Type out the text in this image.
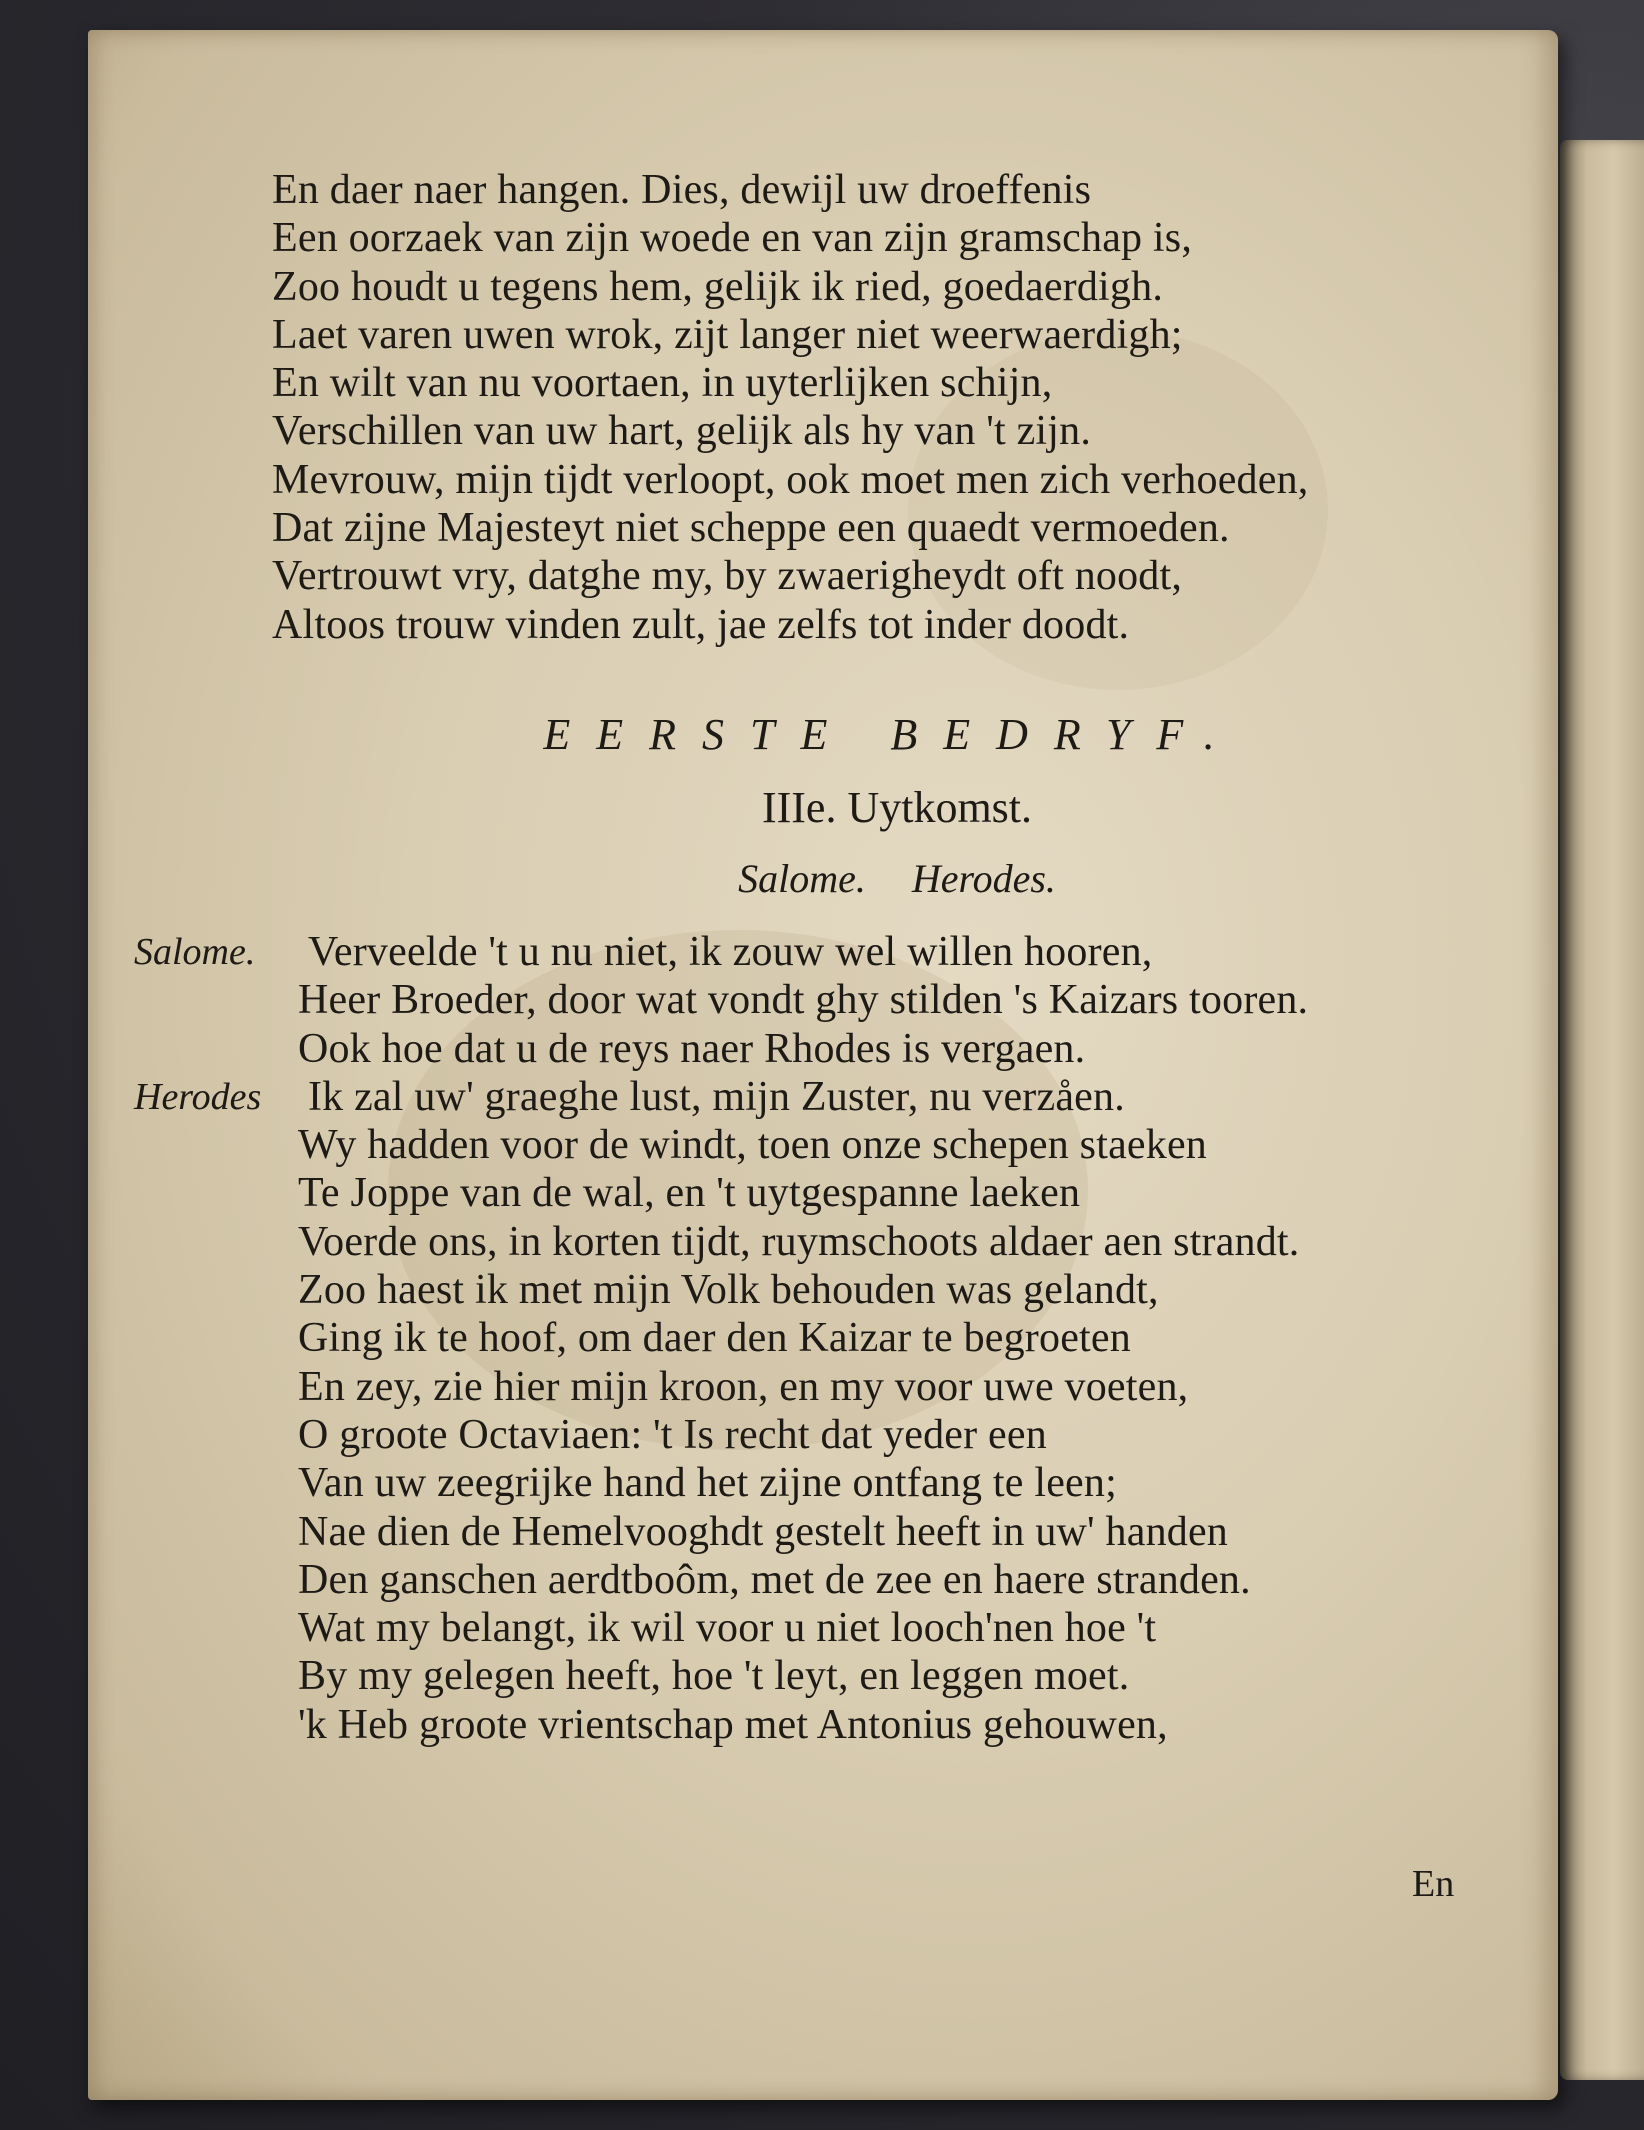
En daer naer hangen. Dies, dewijl uw droeffenis
Een oorzaek van zijn woede en van zijn gramschap is,
Zoo houdt u tegens hem, gelijk ik ried, goedaerdigh.
Laet varen uwen wrok, zijt langer niet weerwaerdigh;
En wilt van nu voortaen, in uyterlijken schijn,
Verschillen van uw hart, gelijk als hy van 't zijn.
Mevrouw, mijn tijdt verloopt, ook moet men zich verhoeden,
Dat zijne Majesteyt niet scheppe een quaedt vermoeden.
Vertrouwt vry, datghe my, by zwaerigheydt oft noodt,
Altoos trouw vinden zult, jae zelfs tot inder doodt.
EERSTE BEDRYF.
IIIe. Uytkomst.
Salome. Herodes.
Salome.	Verveelde 't u nu niet, ik zouw wel willen hooren,
Heer Broeder, door wat vondt ghy stilden 's Kaizars tooren.
Ook hoe dat u de reys naer Rhodes is vergaen.
Herodes	Ik zal uw' graeghe lust, mijn Zuster, nu verzåen.
Wy hadden voor de windt, toen onze schepen staeken
Te Joppe van de wal, en 't uytgespanne laeken
Voerde ons, in korten tijdt, ruymschoots aldaer aen strandt.
Zoo haest ik met mijn Volk behouden was gelandt,
Ging ik te hoof, om daer den Kaizar te begroeten
En zey, zie hier mijn kroon, en my voor uwe voeten,
O groote Octaviaen: 't Is recht dat yeder een
Van uw zeegrijke hand het zijne ontfang te leen;
Nae dien de Hemelvooghdt gestelt heeft in uw' handen
Den ganschen aerdtboôm, met de zee en haere stranden.
Wat my belangt, ik wil voor u niet looch'nen hoe 't
By my gelegen heeft, hoe 't leyt, en leggen moet.
'k Heb groote vrientschap met Antonius gehouwen,
En
